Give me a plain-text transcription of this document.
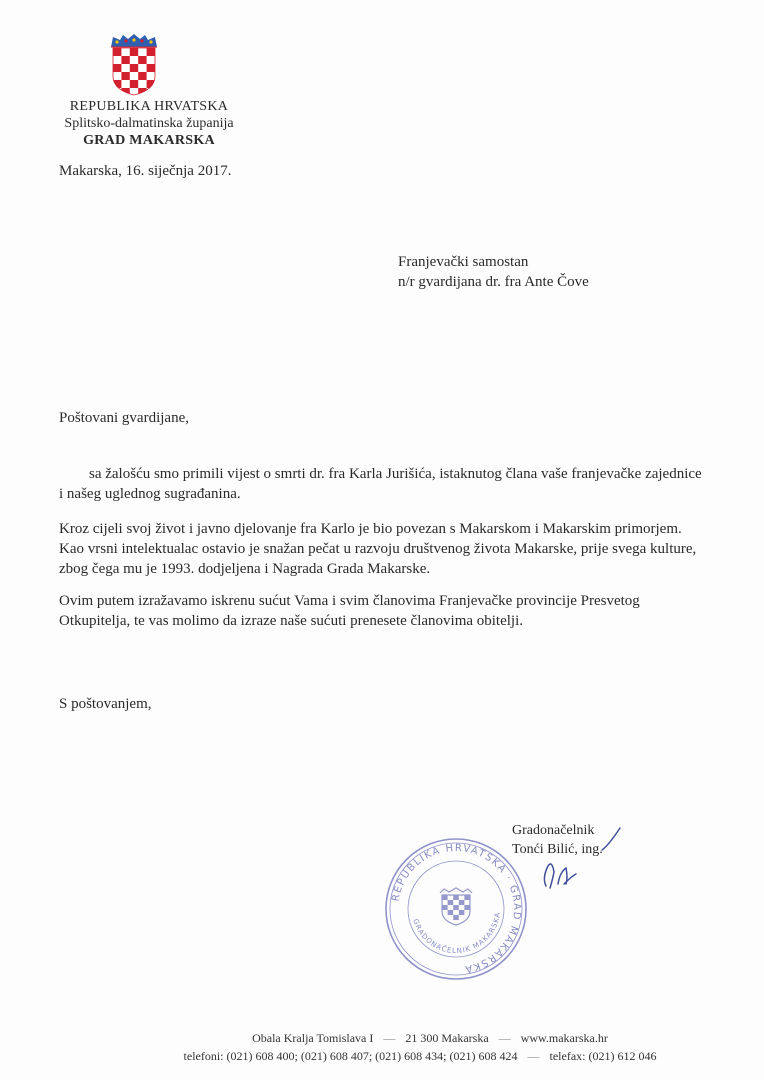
REPUBLIKA HRVATSKA
Splitsko-dalmatinska županija
GRAD MAKARSKA
Makarska, 16. siječnja 2017.
Franjevački samostan
n/r gvardijana dr. fra Ante Čove
Poštovani gvardijane,
sa žalošću smo primili vijest o smrti dr. fra Karla Jurišića, istaknutog člana vaše franjevačke zajednice i našeg uglednog sugrađanina.
Kroz cijeli svoj život i javno djelovanje fra Karlo je bio povezan s Makarskom i Makarskim primorjem. Kao vrsni intelektualac ostavio je snažan pečat u razvoju društvenog života Makarske, prije svega kulture, zbog čega mu je 1993. dodjeljena i Nagrada Grada Makarske.
Ovim putem izražavamo iskrenu sućut Vama i svim članovima Franjevačke provincije Presvetog Otkupitelja, te vas molimo da izraze naše sućuti prenesete članovima obitelji.
S poštovanjem,
REPUBLIKA HRVATSKA · GRAD MAKARSKA
GRADONAČELNIK MAKARSKA
Gradonačelnik
Tonći Bilić, ing.
Obala Kralja Tomislava I — 21 300 Makarska — www.makarska.hr
telefoni: (021) 608 400; (021) 608 407; (021) 608 434; (021) 608 424 — telefax: (021) 612 046
